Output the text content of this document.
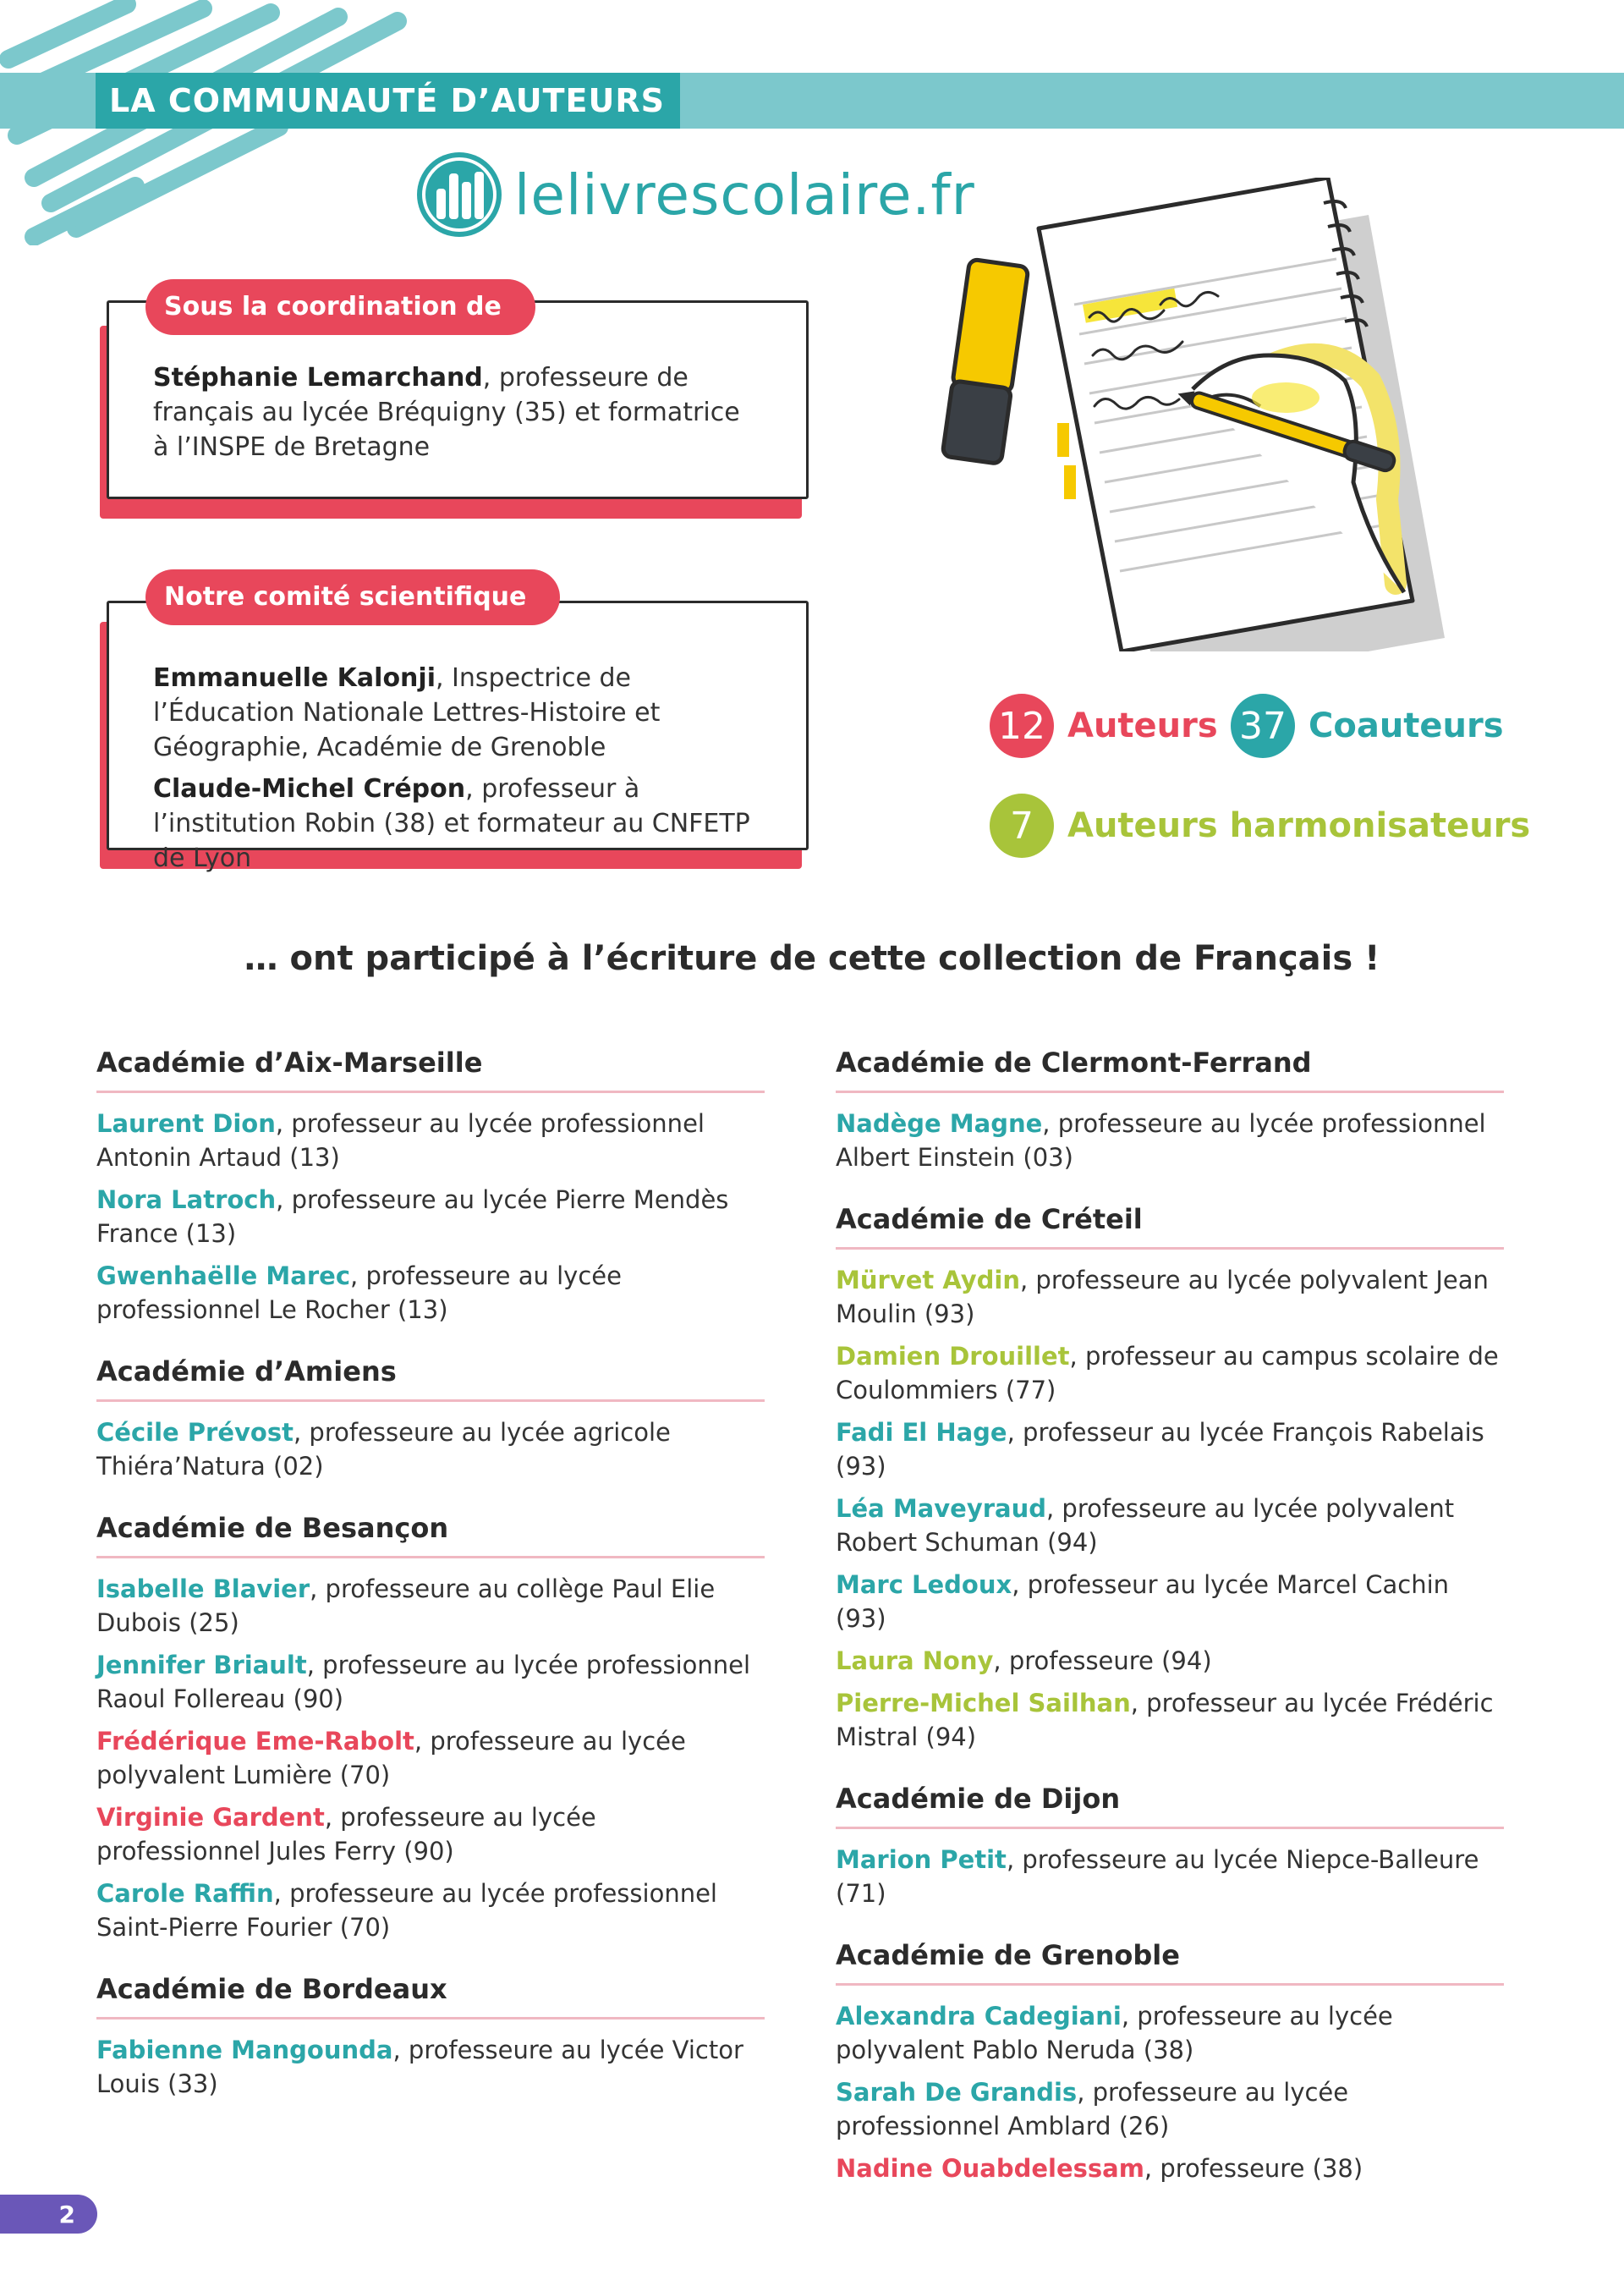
LA COMMUNAUTÉ D’AUTEURS
lelivrescolaire.fr

Stéphanie Lemarchand, professeure de français au lycée Bréquigny (35) et formatrice à l’INSPE de Bretagne

Sous la coordination de

Emmanuelle Kalonji, Inspectrice de l’Éducation Nationale Lettres-Histoire et Géographie, Académie de Grenoble

Claude-Michel Crépon, professeur à l’institution Robin (38) et formateur au CNFETP de Lyon

Notre comité scientifique
12 Auteurs 37 Coauteurs
7 Auteurs harmonisateurs
… ont participé à l’écriture de cette collection de Français !
Académie d’Aix-Marseille
Laurent Dion, professeur au lycée professionnel Antonin Artaud (13)
Nora Latroch, professeure au lycée Pierre Mendès France (13)
Gwenhaëlle Marec, professeure au lycée professionnel Le Rocher (13)
Académie d’Amiens
Cécile Prévost, professeure au lycée agricole Thiéra’Natura (02)
Académie de Besançon
Isabelle Blavier, professeure au collège Paul Elie Dubois (25)
Jennifer Briault, professeure au lycée professionnel Raoul Follereau (90)
Frédérique Eme-Rabolt, professeure au lycée polyvalent Lumière (70)
Virginie Gardent, professeure au lycée professionnel Jules Ferry (90)
Carole Raffin, professeure au lycée professionnel Saint-Pierre Fourier (70)
Académie de Bordeaux
Fabienne Mangounda, professeure au lycée Victor Louis (33)
Académie de Clermont-Ferrand
Nadège Magne, professeure au lycée professionnel Albert Einstein (03)
Académie de Créteil
Mürvet Aydin, professeure au lycée polyvalent Jean Moulin (93)
Damien Drouillet, professeur au campus scolaire de Coulommiers (77)
Fadi El Hage, professeur au lycée François Rabelais (93)
Léa Maveyraud, professeure au lycée polyvalent Robert Schuman (94)
Marc Ledoux, professeur au lycée Marcel Cachin (93)
Laura Nony, professeure (94)
Pierre-Michel Sailhan, professeur au lycée Frédéric Mistral (94)
Académie de Dijon
Marion Petit, professeure au lycée Niepce-Balleure (71)
Académie de Grenoble
Alexandra Cadegiani, professeure au lycée polyvalent Pablo Neruda (38)
Sarah De Grandis, professeure au lycée professionnel Amblard (26)
Nadine Ouabdelessam, professeure (38)
2
